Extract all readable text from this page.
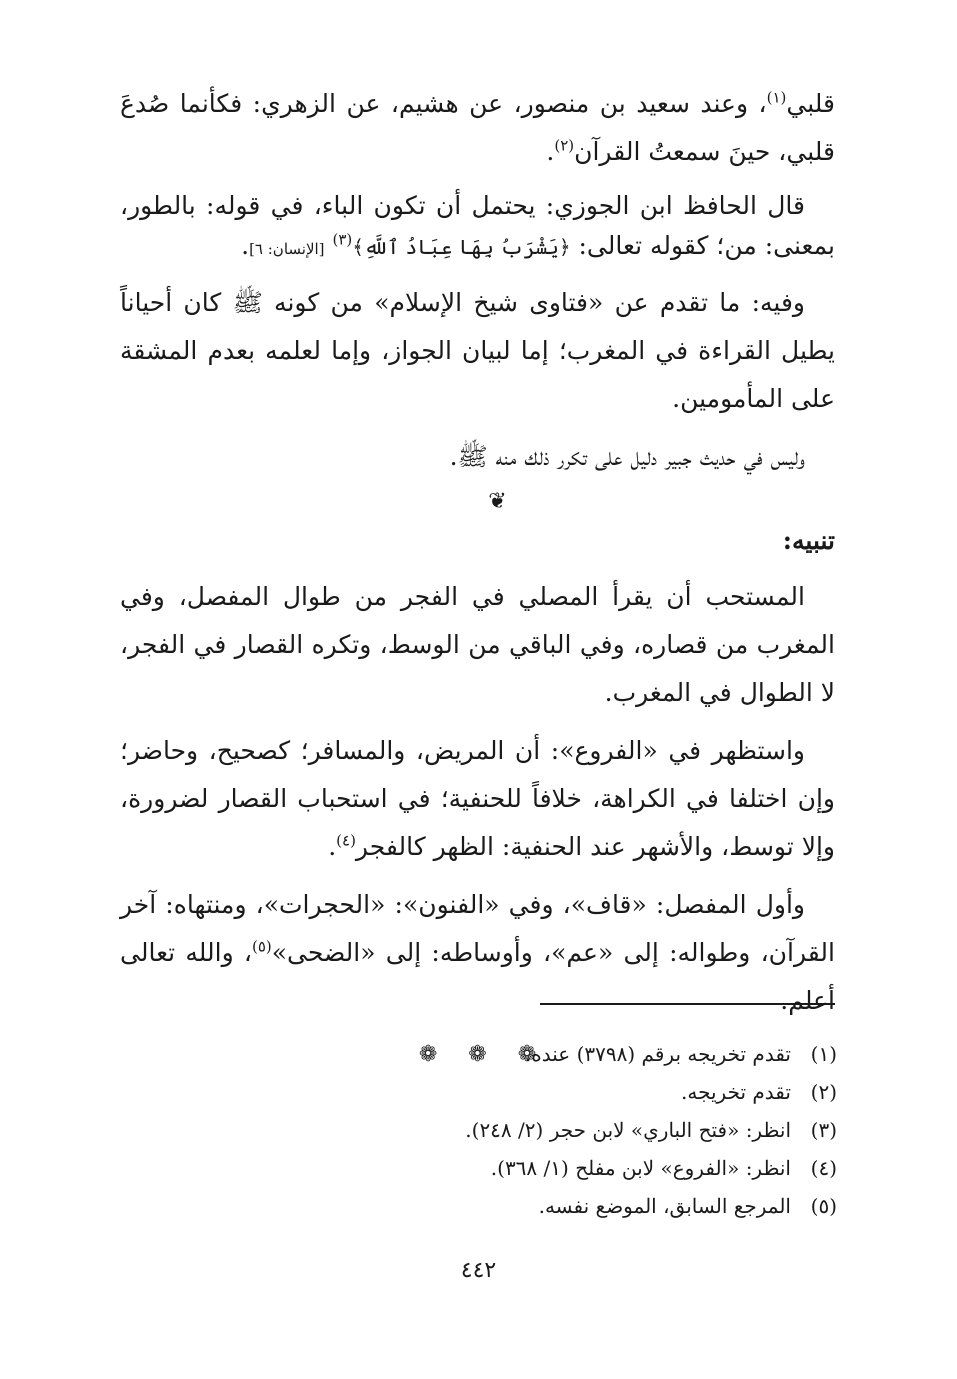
قلبي$^{(١)}$، وعند سعيد بن منصور، عن هشيم، عن الزهري: فكأنما صُدعَ قلبي، حينَ سمعتُ القرآن$^{(٢)}$.

قال الحافظ ابن الجوزي: يحتمل أن تكون الباء، في قوله: بالطور، بمعنى: من؛ كقوله تعالى: ﴿يَشْرَبُ بِهَا عِبَادُ ٱللَّهِ﴾$^{(٣)}$ [الإنسان: ٦].

وفيه: ما تقدم عن «فتاوى شيخ الإسلام» من كونه ﷺ كان أحياناً يطيل القراءة في المغرب؛ إما لبيان الجواز، وإما لعلمه بعدم المشقة على المأمومين.

وليس في حديث جبير دليل على تكرر ذلك منه ﷺ.

❦
تنبيه:

المستحب أن يقرأ المصلي في الفجر من طوال المفصل، وفي المغرب من قصاره، وفي الباقي من الوسط، وتكره القصار في الفجر، لا الطوال في المغرب.

واستظهر في «الفروع»: أن المريض، والمسافر؛ كصحيح، وحاضر؛ وإن اختلفا في الكراهة، خلافاً للحنفية؛ في استحباب القصار لضرورة، وإلا توسط، والأشهر عند الحنفية: الظهر كالفجر$^{(٤)}$.

وأول المفصل: «قاف»، وفي «الفنون»: «الحجرات»، ومنتهاه: آخر القرآن، وطواله: إلى «عم»، وأوساطه: إلى «الضحى»$^{(٥)}$، والله تعالى أعلم.

❁ ❁ ❁	(١)تقدم تخريجه برقم (٣٧٩٨) عنده.
(٢)تقدم تخريجه.
(٣)انظر: «فتح الباري» لابن حجر (٢/ ٢٤٨).
(٤)انظر: «الفروع» لابن مفلح (١/ ٣٦٨).
(٥)المرجع السابق، الموضع نفسه.
٤٤٢
